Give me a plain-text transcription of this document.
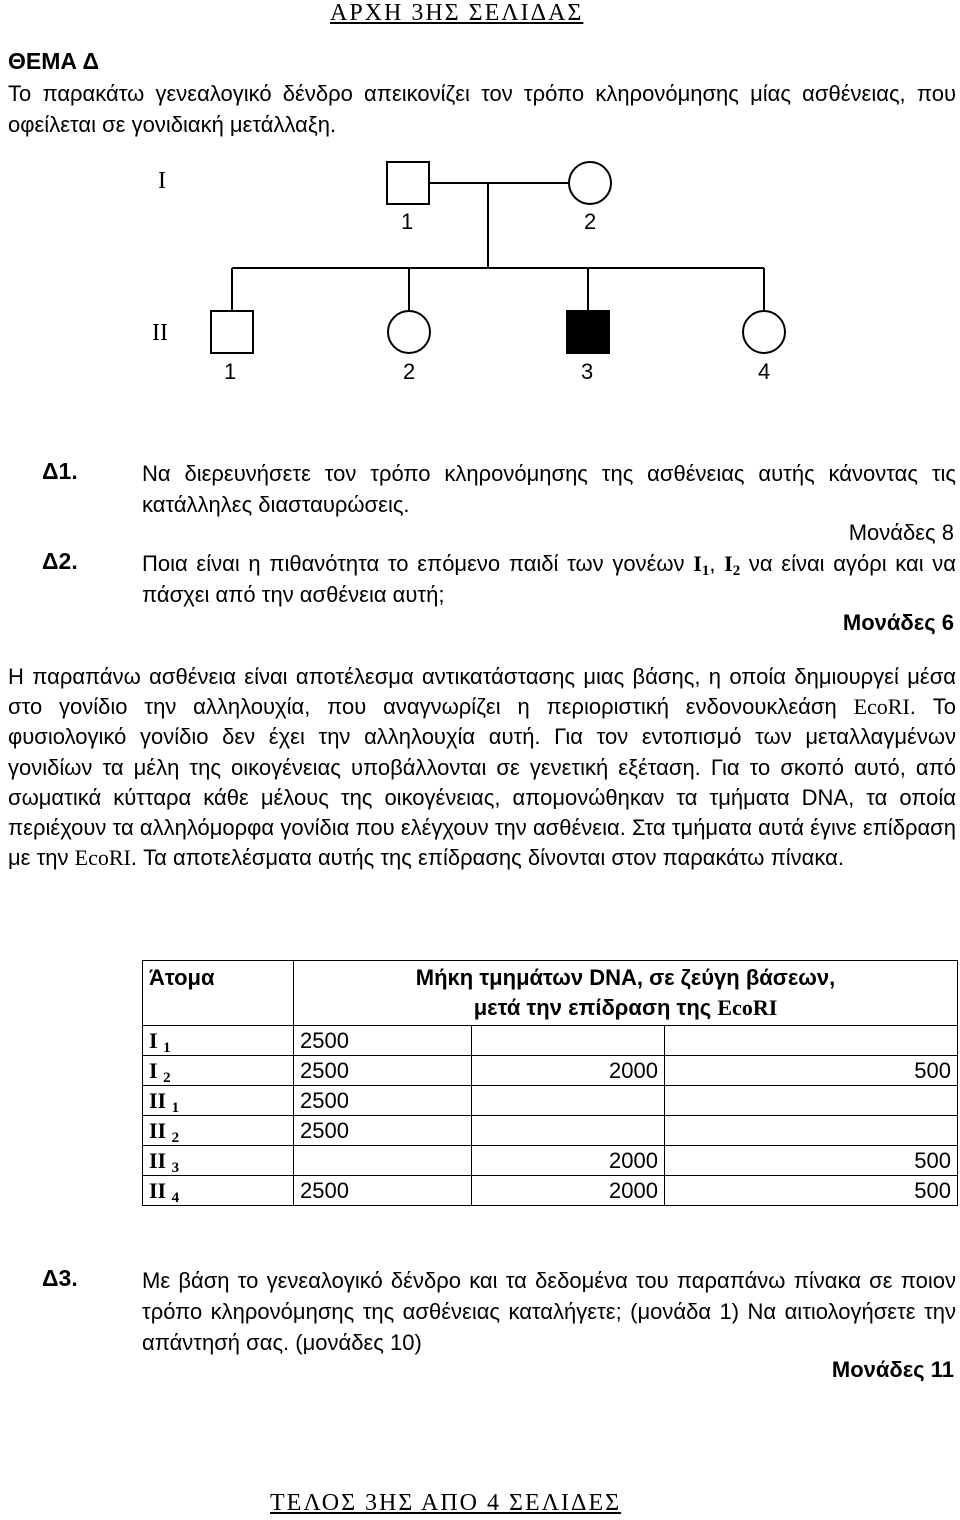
ΑΡΧΗ 3ΗΣ ΣΕΛΙΔΑΣ
ΘΕΜΑ Δ
Το παρακάτω γενεαλογικό δένδρο απεικονίζει τον τρόπο κληρονόμησης μίας ασθένειας, που οφείλεται σε γονιδιακή μετάλλαξη.
I
II
1	2
1	2	3	4
Δ1.	Να διερευνήσετε τον τρόπο κληρονόμησης της ασθένειας αυτής κάνοντας τις κατάλληλες διασταυρώσεις.
Μονάδες 8
Δ2.	Ποια είναι η πιθανότητα το επόμενο παιδί των γονέων $I_1$, $I_2$ να είναι αγόρι και να πάσχει από την ασθένεια αυτή;
Μονάδες 6
Η παραπάνω ασθένεια είναι αποτέλεσμα αντικατάστασης μιας βάσης, η οποία δημιουργεί μέσα στο γονίδιο την αλληλουχία, που αναγνωρίζει η περιοριστική ενδονουκλεάση EcoRI. Το φυσιολογικό γονίδιο δεν έχει την αλληλουχία αυτή. Για τον εντοπισμό των μεταλλαγμένων γονιδίων τα μέλη της οικογένειας υποβάλλονται σε γενετική εξέταση. Για το σκοπό αυτό, από σωματικά κύτταρα κάθε μέλους της οικογένειας, απομονώθηκαν τα τμήματα DNA, τα οποία περιέχουν τα αλληλόμορφα γονίδια που ελέγχουν την ασθένεια. Στα τμήματα αυτά έγινε επίδραση με την EcoRI. Τα αποτελέσματα αυτής της επίδρασης δίνονται στον παρακάτω πίνακα.
Άτομα	Μήκη τμημάτων DNA, σε ζεύγη βάσεων,
μετά την επίδραση της EcoRI		

I $_1$	2500		
I $_2$	2500	2000	500
II $_1$	2500		
II $_2$	2500		
II $_3$		2000	500
II $_4$	2500	2000	500
Δ3.	Με βάση το γενεαλογικό δένδρο και τα δεδομένα του παραπάνω πίνακα σε ποιον τρόπο κληρονόμησης της ασθένειας καταλήγετε; (μονάδα 1) Να αιτιολογήσετε την απάντησή σας. (μονάδες 10)
Μονάδες 11
ΤΕΛΟΣ 3ΗΣ ΑΠΟ 4 ΣΕΛΙΔΕΣ
